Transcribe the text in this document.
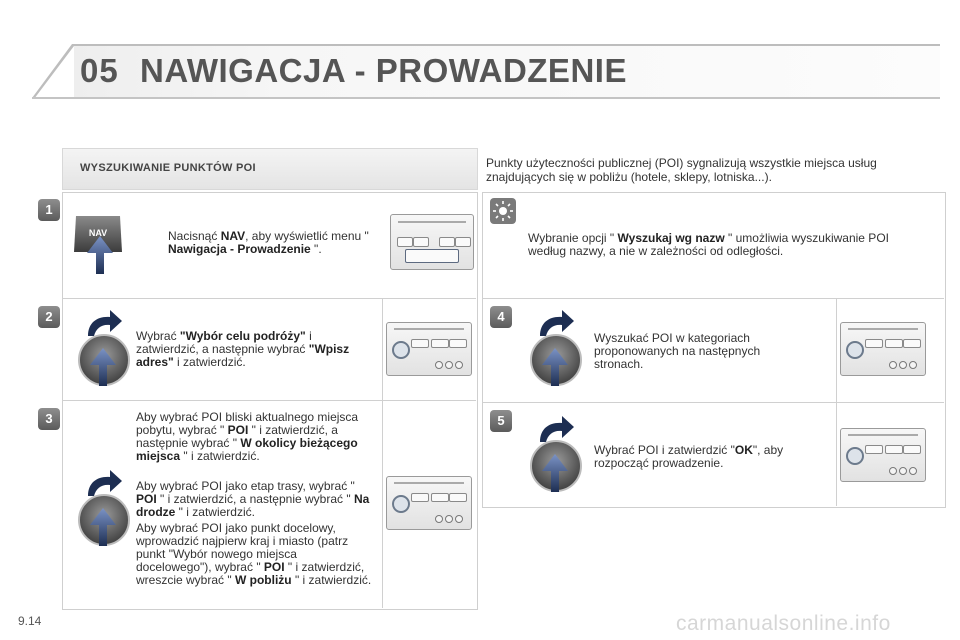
05 NAWIGACJA - PROWADZENIE
WYSZUKIWANIE PUNKTÓW POI	Punkty użyteczności publicznej (POI) sygnalizują wszystkie miejsca usług znajdujących się w pobliżu (hotele, sklepy, lotniska...).
1
NAV	Nacisnąć NAV, aby wyświetlić menu " Nawigacja - Prowadzenie ".
Wybranie opcji " Wyszukaj wg nazw " umożliwia wyszukiwanie POI według nazwy, a nie w zależności od odległości.
2
Wybrać "Wybór celu podróży" i zatwierdzić, a następnie wybrać "Wpisz adres" i zatwierdzić.
3	Aby wybrać POI bliski aktualnego miejsca pobytu, wybrać " POI " i zatwierdzić, a następnie wybrać " W okolicy bieżącego miejsca " i zatwierdzić.
Aby wybrać POI jako etap trasy, wybrać " POI " i zatwierdzić, a następnie wybrać " Na drodze " i zatwierdzić.
Aby wybrać POI jako punkt docelowy, wprowadzić najpierw kraj i miasto (patrz punkt "Wybór nowego miejsca docelowego"), wybrać " POI " i zatwierdzić, wreszcie wybrać " W pobliżu " i zatwierdzić.
4
Wyszukać POI w kategoriach proponowanych na następnych stronach.
5
Wybrać POI i zatwierdzić "OK", aby rozpocząć prowadzenie.
9.14	carmanualsonline.info
